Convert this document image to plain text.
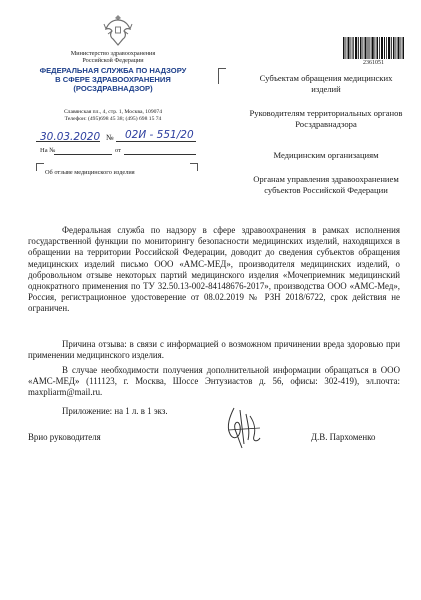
Министерство здравоохранения
Российской Федерации
ФЕДЕРАЛЬНАЯ СЛУЖБА ПО НАДЗОРУ
В СФЕРЕ ЗДРАВООХРАНЕНИЯ
(РОСЗДРАВНАДЗОР)
Славянская пл., 4, стр. 1, Москва, 109074
Телефон: (495)698 45 38; (495) 698 15 74
30.03.2020 № 02И - 551/20
На №	от
Об отзыве медицинского изделия
2361051
Субъектам обращения медицинских изделий
Руководителям территориальных органов Росздравнадзора
Медицинским организациям
Органам управления здравоохранением субъектов Российской Федерации
Федеральная служба по надзору в сфере здравоохранения в рамках исполнения государственной функции по мониторингу безопасности медицинских изделий, находящихся в обращении на территории Российской Федерации, доводит до сведения субъектов обращения медицинских изделий письмо ООО «АМС-МЕД», производителя медицинских изделий, о добровольном отзыве некоторых партий медицинского изделия «Мочеприемник медицинский однократного применения по ТУ 32.50.13-002-84148676-2017», производства ООО «АМС-Мед», Россия, регистрационное удостоверение от 08.02.2019 № РЗН 2018/6722, срок действия не ограничен.
Причина отзыва: в связи с информацией о возможном причинении вреда здоровью при применении медицинского изделия.
В случае необходимости получения дополнительной информации обращаться в ООО «АМС-МЕД» (111123, г. Москва, Шоссе Энтузиастов д. 56, офисы: 302-419), эл.почта: maxpliarm@mail.ru.
Приложение: на 1 л. в 1 экз.
Врио руководителя	Д.В. Пархоменко
